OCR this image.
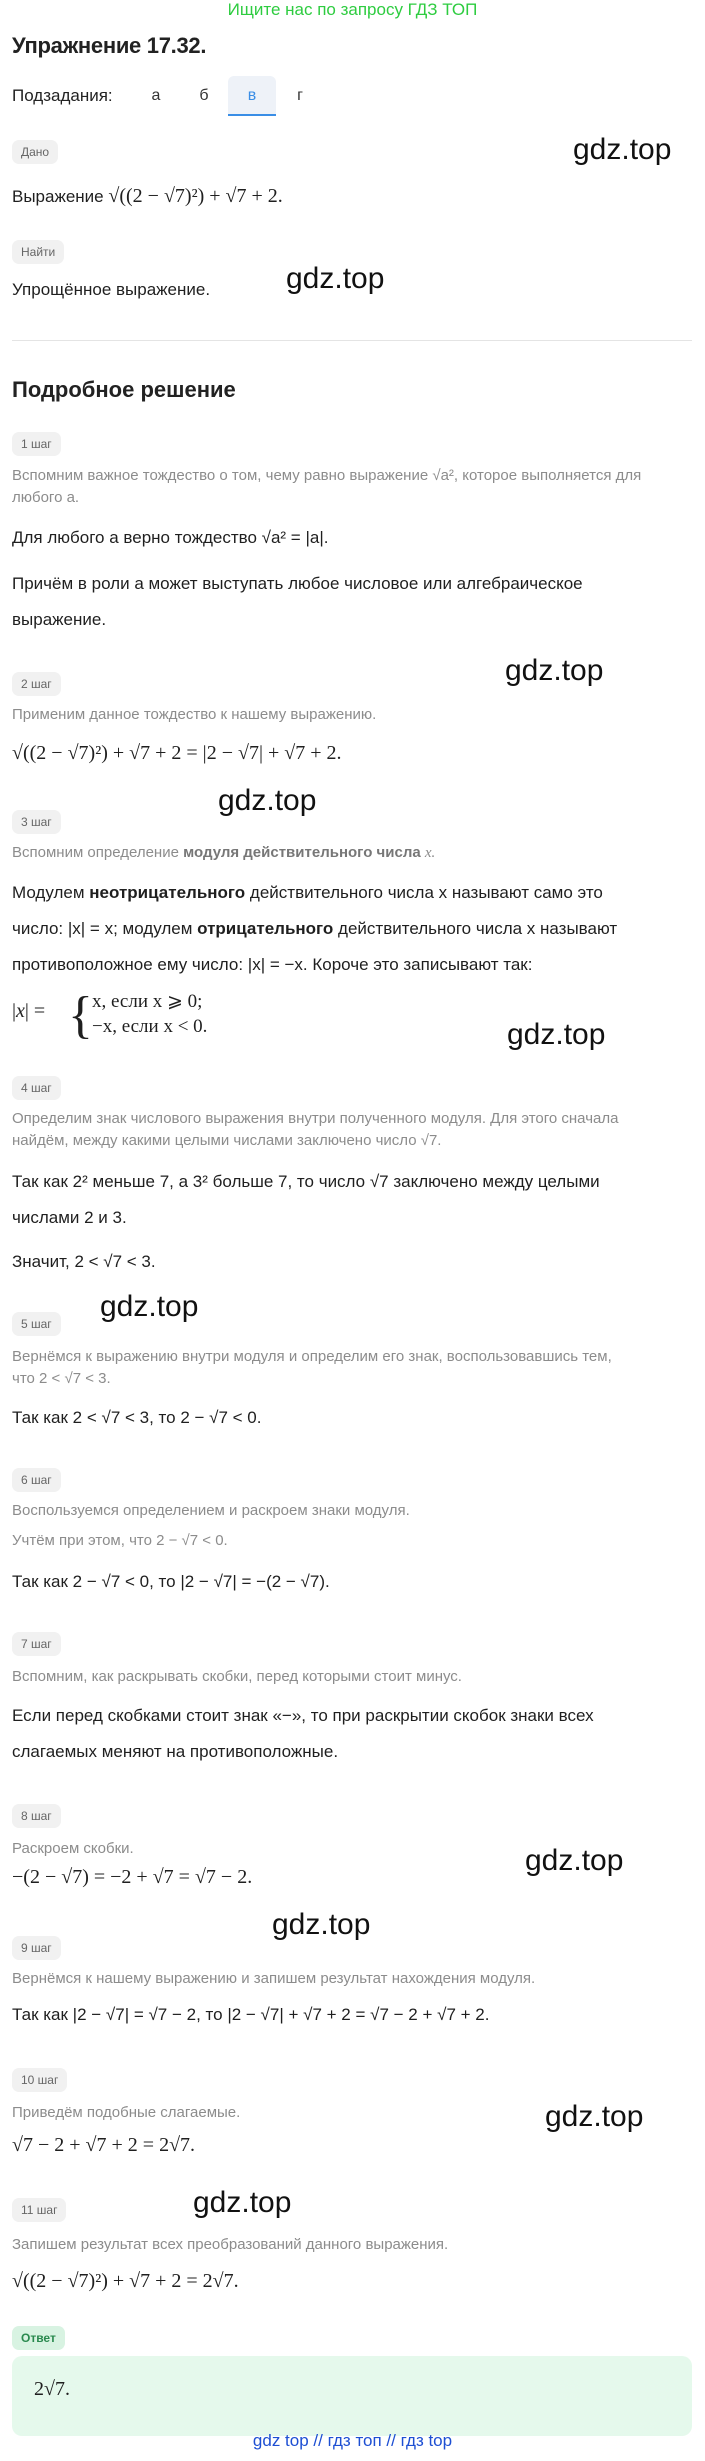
Ищите нас по запросу ГДЗ ТОП
Упражнение 17.32.
Подзадания:	а	б	в	г
Дано
Выражение √((2 − √7)²) + √7 + 2.
gdz.top
Найти
Упрощённое выражение.	gdz.top
Подробное решение
1 шаг
Вспомним важное тождество о том, чему равно выражение √a², которое выполняется для любого a.
Для любого a верно тождество √a² = |a|.
Причём в роли a может выступать любое числовое или алгебраическое
выражение.
gdz.top
2 шаг
Применим данное тождество к нашему выражению.
√((2 − √7)²) + √7 + 2 = |2 − √7| + √7 + 2.
gdz.top
3 шаг
Вспомним определение модуля действительного числа x.
Модулем неотрицательного действительного числа x называют само это
число: |x| = x; модулем отрицательного действительного числа x называют
противоположное ему число: |x| = −x. Короче это записывают так:
|x| = { x, если x ⩾ 0;
−x, если x < 0.	gdz.top
4 шаг
Определим знак числового выражения внутри полученного модуля. Для этого сначала
найдём, между какими целыми числами заключено число √7.
Так как 2² меньше 7, а 3² больше 7, то число √7 заключено между целыми
числами 2 и 3.
Значит, 2 < √7 < 3.
gdz.top
5 шаг
Вернёмся к выражению внутри модуля и определим его знак, воспользовавшись тем,
что 2 < √7 < 3.
Так как 2 < √7 < 3, то 2 − √7 < 0.
6 шаг
Воспользуемся определением и раскроем знаки модуля.
Учтём при этом, что 2 − √7 < 0.
Так как 2 − √7 < 0, то |2 − √7| = −(2 − √7).
7 шаг
Вспомним, как раскрывать скобки, перед которыми стоит минус.
Если перед скобками стоит знак «−», то при раскрытии скобок знаки всех
слагаемых меняют на противоположные.
8 шаг
Раскроем скобки.
−(2 − √7) = −2 + √7 = √7 − 2.	gdz.top
gdz.top
9 шаг
Вернёмся к нашему выражению и запишем результат нахождения модуля.
Так как |2 − √7| = √7 − 2, то |2 − √7| + √7 + 2 = √7 − 2 + √7 + 2.
10 шаг
Приведём подобные слагаемые.
√7 − 2 + √7 + 2 = 2√7.
gdz.top
gdz.top
11 шаг
Запишем результат всех преобразований данного выражения.
√((2 − √7)²) + √7 + 2 = 2√7.
Ответ
2√7.
gdz top // гдз топ // гдз top
